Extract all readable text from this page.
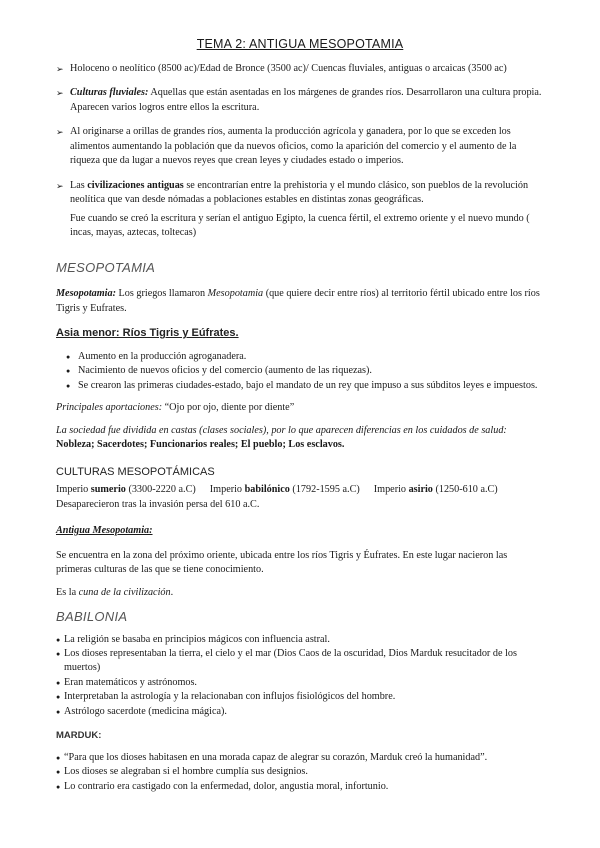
TEMA 2: ANTIGUA MESOPOTAMIA
➢ Holoceno o neolítico (8500 ac)/Edad de Bronce (3500 ac)/ Cuencas fluviales, antiguas o arcaicas (3500 ac)
➢ Culturas fluviales: Aquellas que están asentadas en los márgenes de grandes ríos. Desarrollaron una cultura propia. Aparecen varios logros entre ellos la escritura.
➢ Al originarse a orillas de grandes ríos, aumenta la producción agrícola y ganadera, por lo que se exceden los alimentos aumentando la población que da nuevos oficios, como la aparición del comercio y el aumento de la riqueza que da lugar a nuevos reyes que crean leyes y ciudades estado o imperios.
➢ Las civilizaciones antiguas se encontrarían entre la prehistoria y el mundo clásico, son pueblos de la revolución neolítica que van desde nómadas a poblaciones estables en distintas zonas geográficas.
Fue cuando se creó la escritura y serían el antiguo Egipto, la cuenca fértil, el extremo oriente y el nuevo mundo ( incas, mayas, aztecas, toltecas)
MESOPOTAMIA

Mesopotamia: Los griegos llamaron Mesopotamia (que quiere decir entre ríos) al territorio fértil ubicado entre los ríos Tigris y Eufrates.

Asia menor: Ríos Tigris y Eúfrates.
● Aumento en la producción agroganadera.
● Nacimiento de nuevos oficios y del comercio (aumento de las riquezas).
● Se crearon las primeras ciudades-estado, bajo el mandato de un rey que impuso a sus súbditos leyes e impuestos.

Principales aportaciones: “Ojo por ojo, diente por diente”

La sociedad fue dividida en castas (clases sociales), por lo que aparecen diferencias en los cuidados de salud: Nobleza; Sacerdotes; Funcionarios reales; El pueblo; Los esclavos.

CULTURAS MESOPOTÁMICAS
Imperio sumerio (3300-2220 a.C) Imperio babilónico (1792-1595 a.C) Imperio asirio (1250-610 a.C)
Desaparecieron tras la invasión persa del 610 a.C.
Antigua Mesopotamia:

Se encuentra en la zona del próximo oriente, ubicada entre los ríos Tigris y Éufrates. En este lugar nacieron las primeras culturas de las que se tiene conocimiento.

Es la cuna de la civilización.

BABILONIA
● La religión se basaba en principios mágicos con influencia astral.
● Los dioses representaban la tierra, el cielo y el mar (Dios Caos de la oscuridad, Dios Marduk resucitador de los muertos)
● Eran matemáticos y astrónomos.
● Interpretaban la astrología y la relacionaban con influjos fisiológicos del hombre.
● Astrólogo sacerdote (medicina mágica).
MARDUK:
● “Para que los dioses habitasen en una morada capaz de alegrar su corazón, Marduk creó la humanidad”.
● Los dioses se alegraban si el hombre cumplía sus designios.
● Lo contrario era castigado con la enfermedad, dolor, angustia moral, infortunio.
